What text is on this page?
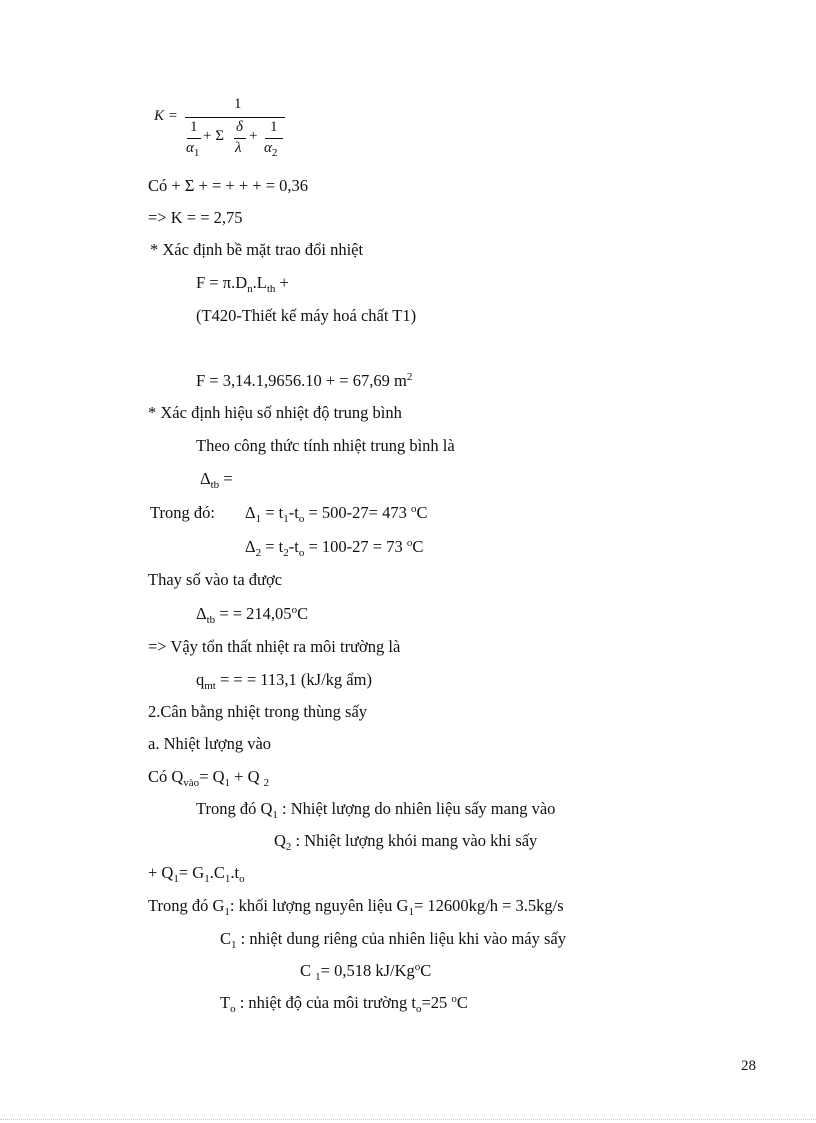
K =
1
1
$\alpha_1$
+ Σ
δ
λ
+
1
$\alpha_2$
Có + Σ + = + + + = 0,36
=> K = = 2,75
* Xác định bề mặt trao đổi nhiệt
$F = \pi.D_n.L_{th}$ +
(T420-Thiết kế máy hoá chất T1)
F = 3,14.1,9656.10 + = 67,69 $m^2$
* Xác định hiệu số nhiệt độ trung bình
Theo công thức tính nhiệt trung bình là
$\Delta_{tb}$ =
Trong đó: $\Delta_1 = t_1-t_o = 500-27= 473$ $^o$C
$\Delta_2 = t_2-t_o = 100-27 = 73$ $^o$C
Thay số vào ta được
$\Delta_{tb}$ = = $214,05^oC$
=> Vậy tổn thất nhiệt ra môi trường là
$q_{mt}$ = = = 113,1 (kJ/kg ẩm)
2.Cân bằng nhiệt trong thùng sấy
a. Nhiệt lượng vào
Có $Q_{vào}= Q_1 + Q$ $_2$
Trong đó $Q_1$ : Nhiệt lượng do nhiên liệu sấy mang vào
$Q_2$ : Nhiệt lượng khói mang vào khi sấy
+ $Q_1= G_1.C_1.t_o$
Trong đó $G_1$: khối lượng nguyên liệu $G_1= 12600kg/h = 3.5kg/s$
$C_1$ : nhiệt dung riêng của nhiên liệu khi vào máy sấy
C $_1$= 0,518 kJ/Kg$^o$C
$T_o$ : nhiệt độ của môi trường $t_o=25$ $^o$C
28
